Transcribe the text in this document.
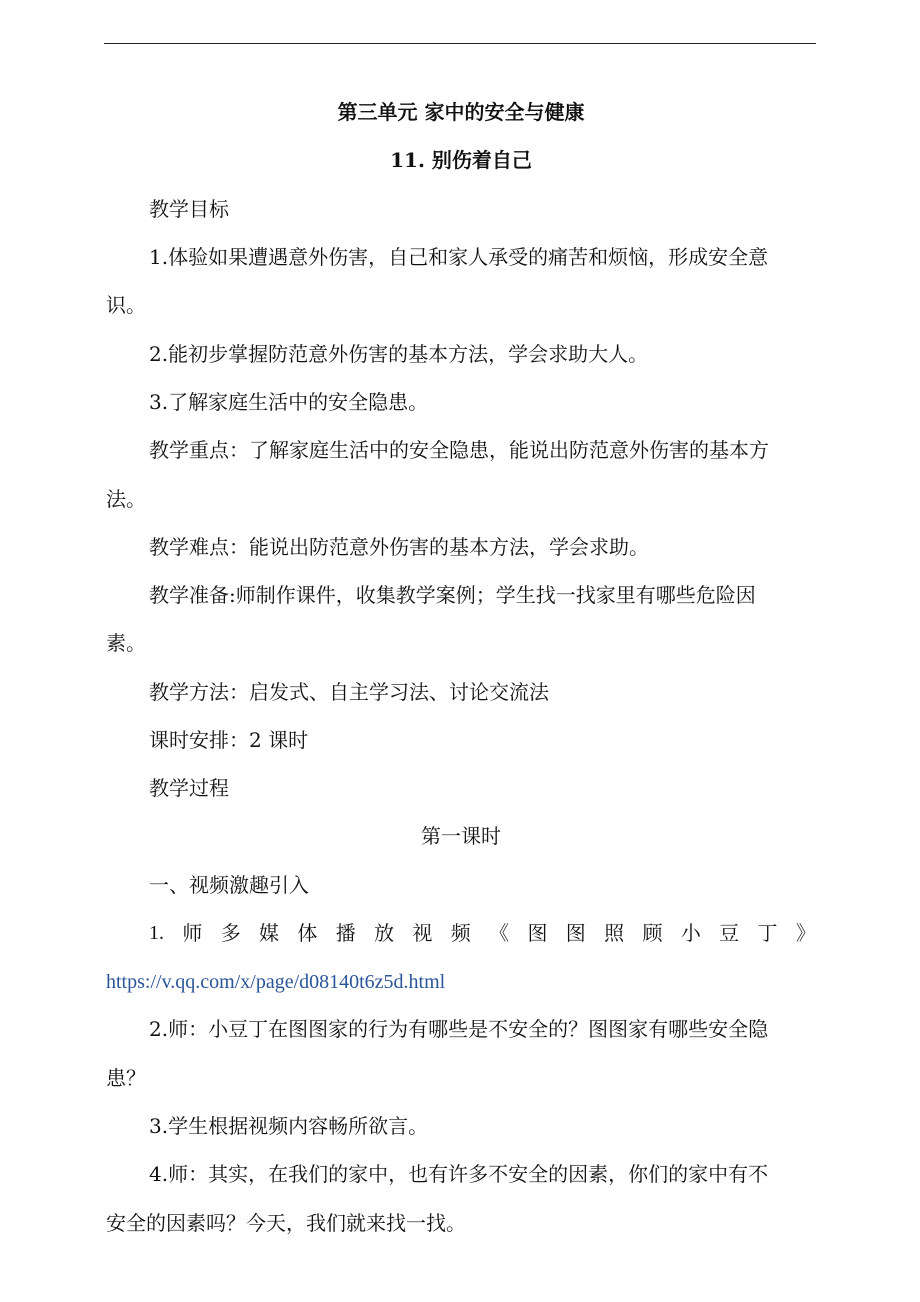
第三单元 家中的安全与健康
11. 别伤着自己
教学目标
1.体验如果遭遇意外伤害，自己和家人承受的痛苦和烦恼，形成安全意
识。
2.能初步掌握防范意外伤害的基本方法，学会求助大人。
3.了解家庭生活中的安全隐患。
教学重点：了解家庭生活中的安全隐患，能说出防范意外伤害的基本方
法。
教学难点：能说出防范意外伤害的基本方法，学会求助。
教学准备:师制作课件，收集教学案例；学生找一找家里有哪些危险因
素。
教学方法：启发式、自主学习法、讨论交流法
课时安排：2 课时
教学过程
第一课时
一、视频激趣引入
1. 师 多 媒 体 播 放 视 频 《 图 图 照 顾 小 豆 丁 》
https://v.qq.com/x/page/d08140t6z5d.html
2.师：小豆丁在图图家的行为有哪些是不安全的？图图家有哪些安全隐
患？
3.学生根据视频内容畅所欲言。
4.师：其实，在我们的家中，也有许多不安全的因素，你们的家中有不
安全的因素吗？今天，我们就来找一找。
